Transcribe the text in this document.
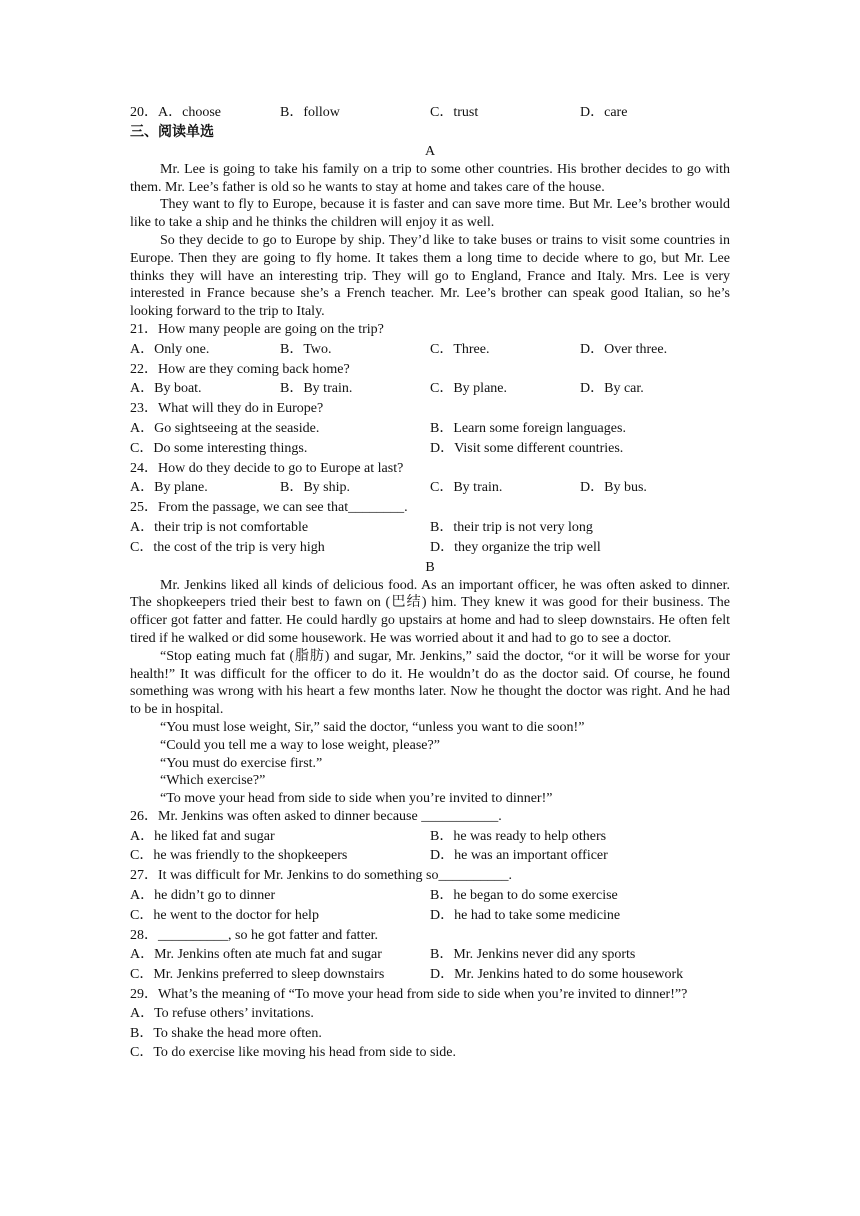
20．A．choose	B．follow	C．trust	D．care
三、阅读单选
A
Mr. Lee is going to take his family on a trip to some other countries. His brother decides to go with them. Mr. Lee’s father is old so he wants to stay at home and takes care of the house.
They want to fly to Europe, because it is faster and can save more time. But Mr. Lee’s brother would like to take a ship and he thinks the children will enjoy it as well.
So they decide to go to Europe by ship. They’d like to take buses or trains to visit some countries in Europe. Then they are going to fly home. It takes them a long time to decide where to go, but Mr. Lee thinks they will have an interesting trip. They will go to England, France and Italy. Mrs. Lee is very interested in France because she’s a French teacher. Mr. Lee’s brother can speak good Italian, so he’s looking forward to the trip to Italy.
21．How many people are going on the trip?
A．Only one.	B．Two.	C．Three.	D．Over three.
22．How are they coming back home?
A．By boat.	B．By train.	C．By plane.	D．By car.
23．What will they do in Europe?
A．Go sightseeing at the seaside.	B．Learn some foreign languages.
C．Do some interesting things.	D．Visit some different countries.
24．How do they decide to go to Europe at last?
A．By plane.	B．By ship.	C．By train.	D．By bus.
25．From the passage, we can see that________.
A．their trip is not comfortable	B．their trip is not very long
C．the cost of the trip is very high	D．they organize the trip well
B
Mr. Jenkins liked all kinds of delicious food. As an important officer, he was often asked to dinner. The shopkeepers tried their best to fawn on (巴结) him. They knew it was good for their business. The officer got fatter and fatter. He could hardly go upstairs at home and had to sleep downstairs. He often felt tired if he walked or did some housework. He was worried about it and had to go to see a doctor.
“Stop eating much fat (脂肪) and sugar, Mr. Jenkins,” said the doctor, “or it will be worse for your health!” It was difficult for the officer to do it. He wouldn’t do as the doctor said. Of course, he found something was wrong with his heart a few months later. Now he thought the doctor was right. And he had to be in hospital.
“You must lose weight, Sir,” said the doctor, “unless you want to die soon!”
“Could you tell me a way to lose weight, please?”
“You must do exercise first.”
“Which exercise?”
“To move your head from side to side when you’re invited to dinner!”
26．Mr. Jenkins was often asked to dinner because ___________.
A．he liked fat and sugar	B．he was ready to help others
C．he was friendly to the shopkeepers	D．he was an important officer
27．It was difficult for Mr. Jenkins to do something so__________.
A．he didn’t go to dinner	B．he began to do some exercise
C．he went to the doctor for help	D．he had to take some medicine
28．__________, so he got fatter and fatter.
A．Mr. Jenkins often ate much fat and sugar	B．Mr. Jenkins never did any sports
C．Mr. Jenkins preferred to sleep downstairs	D．Mr. Jenkins hated to do some housework
29．What’s the meaning of “To move your head from side to side when you’re invited to dinner!”?
A．To refuse others’ invitations.
B．To shake the head more often.
C．To do exercise like moving his head from side to side.
